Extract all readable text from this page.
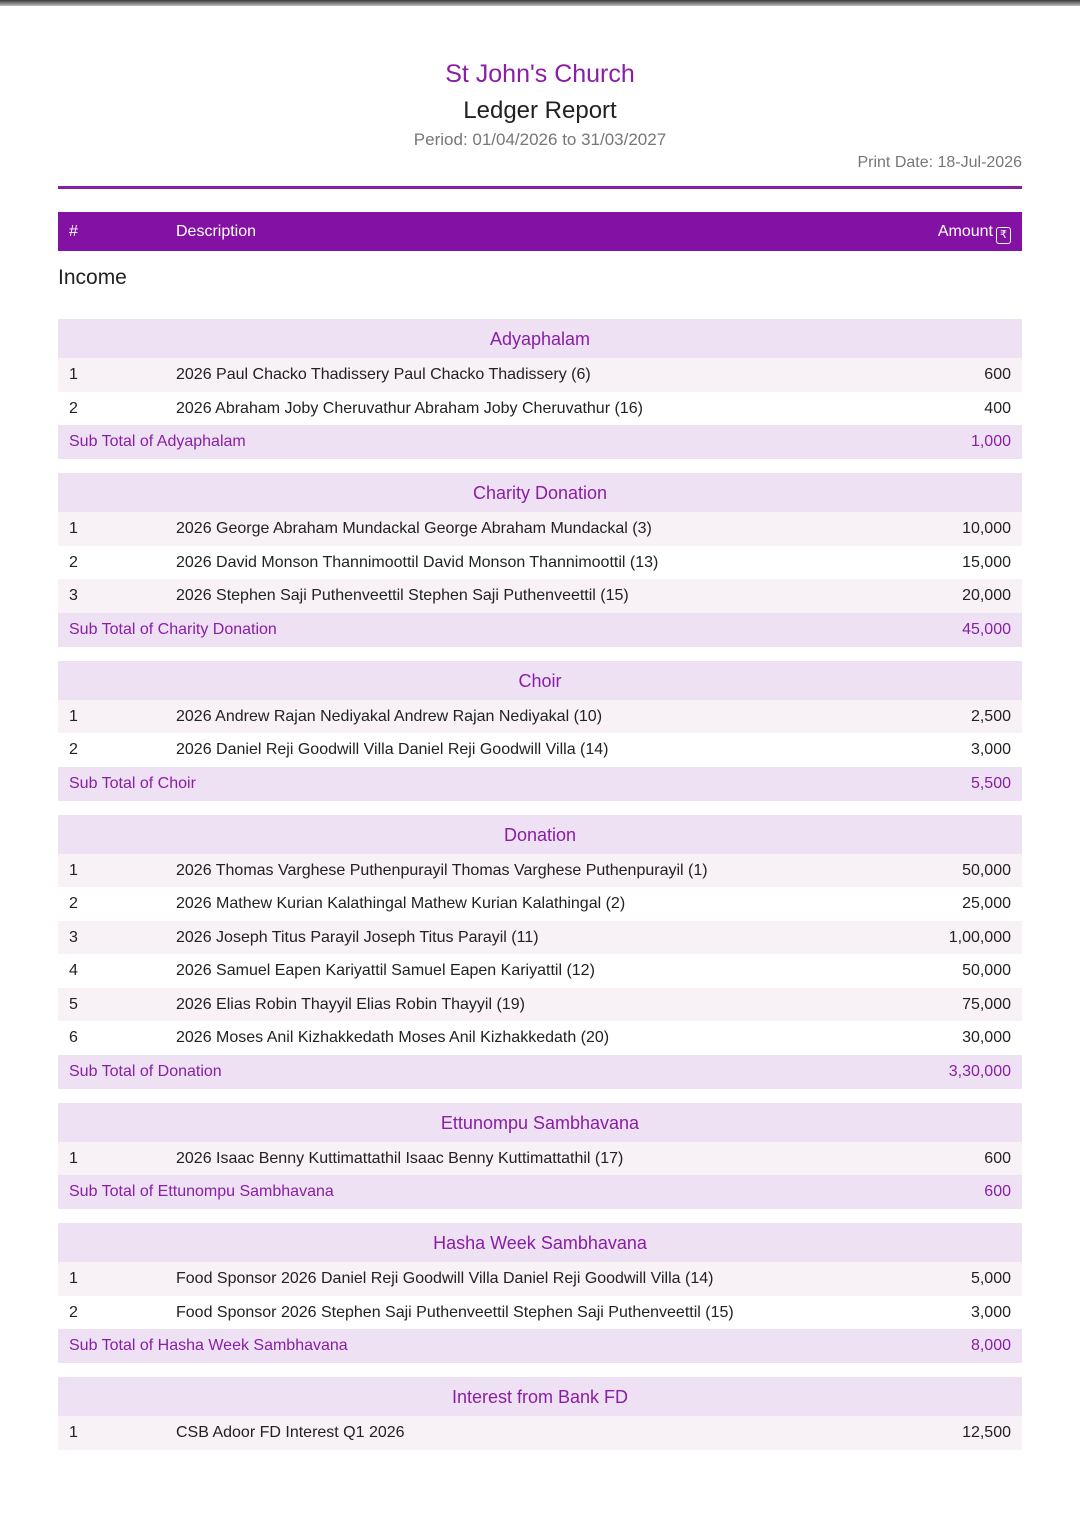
St John's Church
Ledger Report
Period: 01/04/2026 to 31/03/2027
Print Date: 18-Jul-2026
#	Description	Amount ₹
Income
Adyaphalam
1	2026 Paul Chacko Thadissery Paul Chacko Thadissery (6)	600
2	2026 Abraham Joby Cheruvathur Abraham Joby Cheruvathur (16)	400
Sub Total of Adyaphalam	1,000
Charity Donation
1	2026 George Abraham Mundackal George Abraham Mundackal (3)	10,000
2	2026 David Monson Thannimoottil David Monson Thannimoottil (13)	15,000
3	2026 Stephen Saji Puthenveettil Stephen Saji Puthenveettil (15)	20,000
Sub Total of Charity Donation	45,000
Choir
1	2026 Andrew Rajan Nediyakal Andrew Rajan Nediyakal (10)	2,500
2	2026 Daniel Reji Goodwill Villa Daniel Reji Goodwill Villa (14)	3,000
Sub Total of Choir	5,500
Donation
1	2026 Thomas Varghese Puthenpurayil Thomas Varghese Puthenpurayil (1)	50,000
2	2026 Mathew Kurian Kalathingal Mathew Kurian Kalathingal (2)	25,000
3	2026 Joseph Titus Parayil Joseph Titus Parayil (11)	1,00,000
4	2026 Samuel Eapen Kariyattil Samuel Eapen Kariyattil (12)	50,000
5	2026 Elias Robin Thayyil Elias Robin Thayyil (19)	75,000
6	2026 Moses Anil Kizhakkedath Moses Anil Kizhakkedath (20)	30,000
Sub Total of Donation	3,30,000
Ettunompu Sambhavana
1	2026 Isaac Benny Kuttimattathil Isaac Benny Kuttimattathil (17)	600
Sub Total of Ettunompu Sambhavana	600
Hasha Week Sambhavana
1	Food Sponsor 2026 Daniel Reji Goodwill Villa Daniel Reji Goodwill Villa (14)	5,000
2	Food Sponsor 2026 Stephen Saji Puthenveettil Stephen Saji Puthenveettil (15)	3,000
Sub Total of Hasha Week Sambhavana	8,000
Interest from Bank FD
1	CSB Adoor FD Interest Q1 2026	12,500
